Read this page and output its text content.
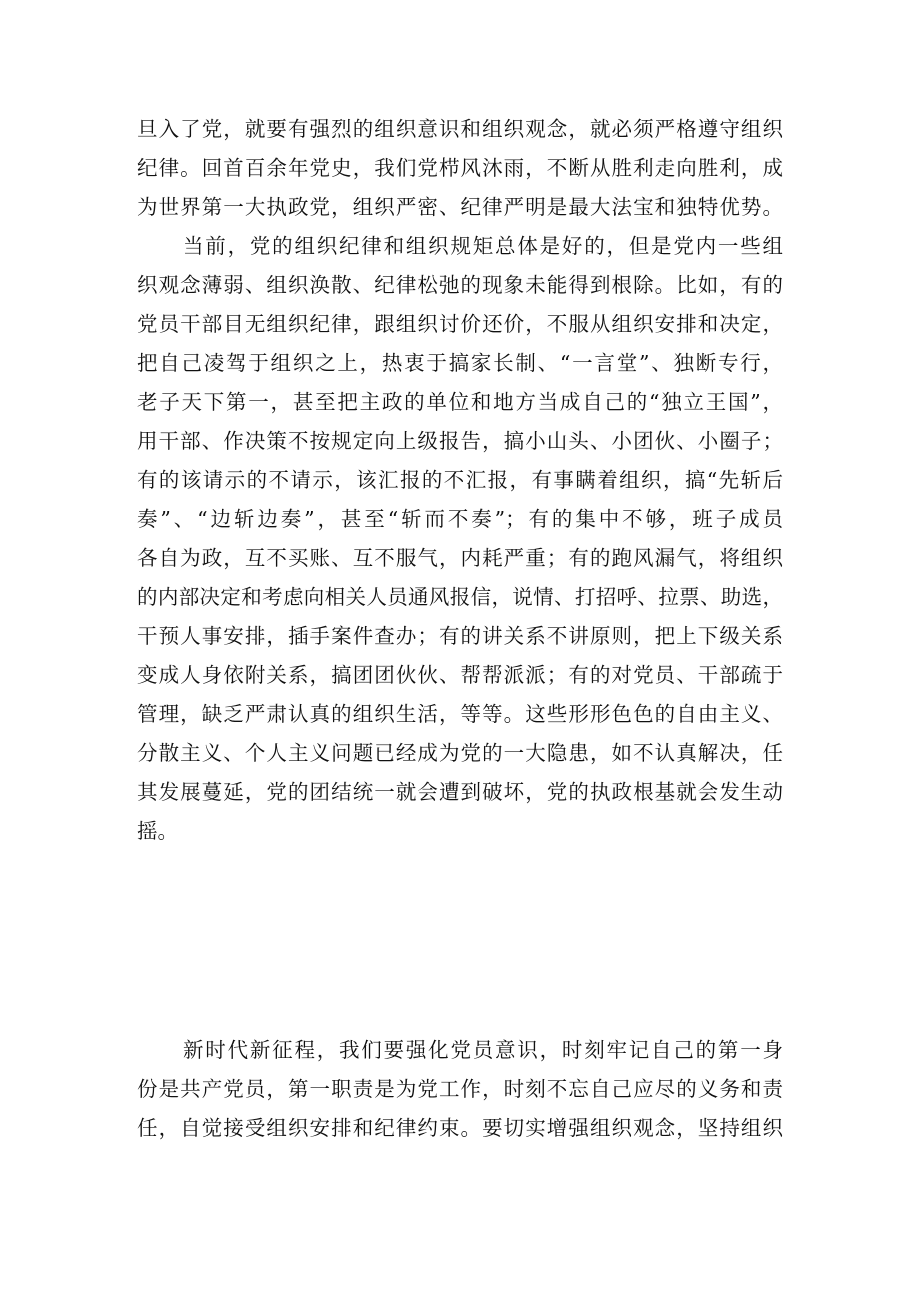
旦入了党，就要有强烈的组织意识和组织观念，就必须严格遵守组织
纪律。回首百余年党史，我们党栉风沐雨，不断从胜利走向胜利，成
为世界第一大执政党，组织严密、纪律严明是最大法宝和独特优势。
当前，党的组织纪律和组织规矩总体是好的，但是党内一些组
织观念薄弱、组织涣散、纪律松弛的现象未能得到根除。比如，有的
党员干部目无组织纪律，跟组织讨价还价，不服从组织安排和决定，
把自己凌驾于组织之上，热衷于搞家长制、“一言堂”、独断专行，
老子天下第一，甚至把主政的单位和地方当成自己的“独立王国”，
用干部、作决策不按规定向上级报告，搞小山头、小团伙、小圈子；
有的该请示的不请示，该汇报的不汇报，有事瞒着组织，搞“先斩后
奏”、“边斩边奏”，甚至“斩而不奏”；有的集中不够，班子成员
各自为政，互不买账、互不服气，内耗严重；有的跑风漏气，将组织
的内部决定和考虑向相关人员通风报信，说情、打招呼、拉票、助选，
干预人事安排，插手案件查办；有的讲关系不讲原则，把上下级关系
变成人身依附关系，搞团团伙伙、帮帮派派；有的对党员、干部疏于
管理，缺乏严肃认真的组织生活，等等。这些形形色色的自由主义、
分散主义、个人主义问题已经成为党的一大隐患，如不认真解决，任
其发展蔓延，党的团结统一就会遭到破坏，党的执政根基就会发生动
摇。
新时代新征程，我们要强化党员意识，时刻牢记自己的第一身
份是共产党员，第一职责是为党工作，时刻不忘自己应尽的义务和责
任，自觉接受组织安排和纪律约束。要切实增强组织观念，坚持组织
